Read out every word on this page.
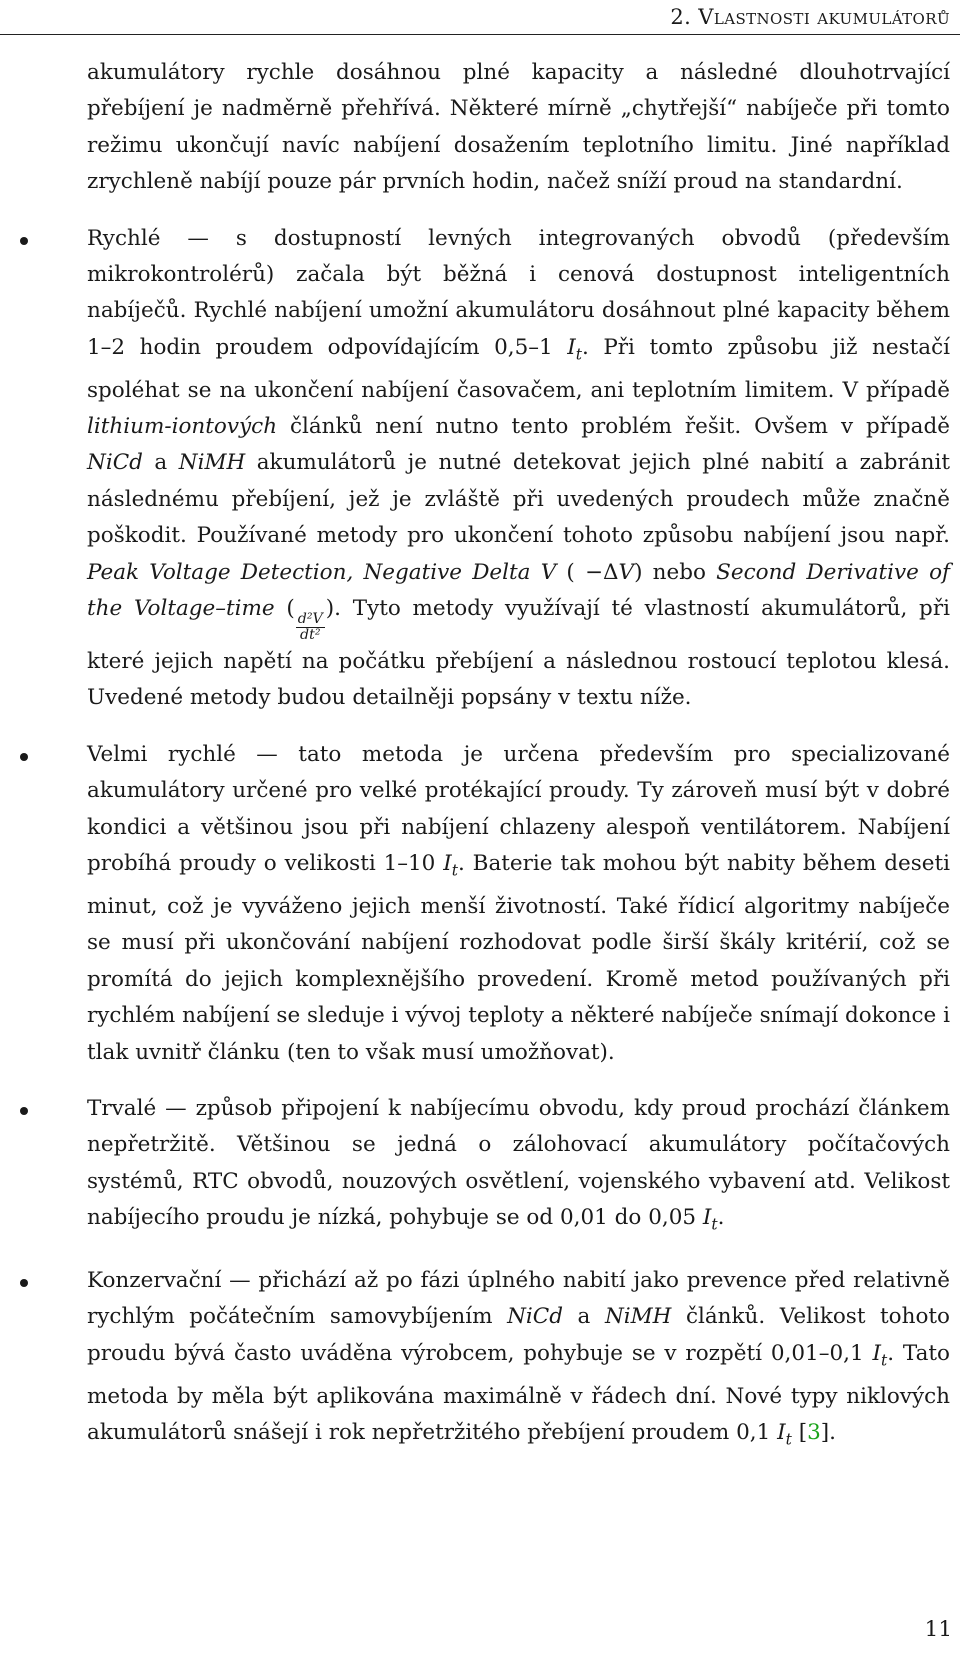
2. Vlastnosti akumulátorů

akumulátory rychle dosáhnou plné kapacity a následné dlouhotrvající přebíjení je nadměrně přehřívá. Některé mírně „chytřejší“ nabíječe při tomto režimu ukončují navíc nabíjení dosažením teplotního limitu. Jiné například zrychleně nabíjí pouze pár prvních hodin, načež sníží proud na standardní.

Rychlé — s dostupností levných integrovaných obvodů (především mikrokontrolérů) začala být běžná i cenová dostupnost inteligentních nabíječů. Rychlé nabíjení umožní akumulátoru dosáhnout plné kapacity během 1–2 hodin proudem odpovídajícím 0,5–1 $I_t$. Při tomto způsobu již nestačí spoléhat se na ukončení nabíjení časovačem, ani teplotním limitem. V případě lithium-iontových článků není nutno tento problém řešit. Ovšem v případě NiCd a NiMH akumulátorů je nutné detekovat jejich plné nabití a zabránit následnému přebíjení, jež je zvláště při uvedených proudech může značně poškodit. Používané metody pro ukončení tohoto způsobu nabíjení jsou např. Peak Voltage Detection, Negative Delta V ( −ΔV) nebo Second Derivative of the Voltage–time (
$\frac{\text{d²V}}{\text{dt²}}$
). Tyto metody využívají té vlastností akumulátorů, při které jejich napětí na počátku přebíjení a následnou rostoucí teplotou klesá. Uvedené metody budou detailněji popsány v textu níže.

Velmi rychlé — tato metoda je určena především pro specializované akumulátory určené pro velké protékající proudy. Ty zároveň musí být v dobré kondici a většinou jsou při nabíjení chlazeny alespoň ventilátorem. Nabíjení probíhá proudy o velikosti 1–10 $I_t$. Baterie tak mohou být nabity během deseti minut, což je vyváženo jejich menší životností. Také řídicí algoritmy nabíječe se musí při ukončování nabíjení rozhodovat podle širší škály kritérií, což se promítá do jejich komplexnějšího provedení. Kromě metod používaných při rychlém nabíjení se sleduje i vývoj teploty a některé nabíječe snímají dokonce i tlak uvnitř článku (ten to však musí umožňovat).

Trvalé — způsob připojení k nabíjecímu obvodu, kdy proud prochází článkem nepřetržitě. Většinou se jedná o zálohovací akumulátory počítačových systémů, RTC obvodů, nouzových osvětlení, vojenského vybavení atd. Velikost nabíjecího proudu je nízká, pohybuje se od 0,01 do 0,05 $I_t$.

Konzervační — přichází až po fázi úplného nabití jako prevence před relativně rychlým počátečním samovybíjením NiCd a NiMH článků. Velikost tohoto proudu bývá často uváděna výrobcem, pohybuje se v rozpětí 0,01–0,1 $I_t$. Tato metoda by měla být aplikována maximálně v řádech dní. Nové typy niklových akumulátorů snášejí i rok nepřetržitého přebíjení proudem 0,1 $I_t$ [3].

11
